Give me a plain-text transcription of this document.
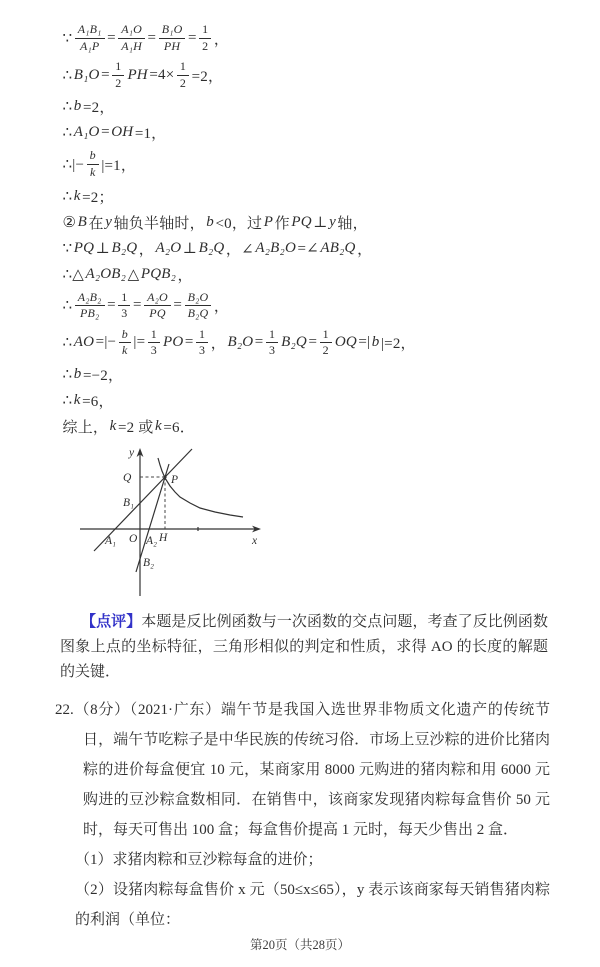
∵ $\frac{\text{A₁B₁}}{\text{A₁P}} = \frac{\text{A₁O}}{\text{A₁H}} = \frac{\text{B₁O}}{PH} = \frac{1}{2}$ ，
∴ $B_1O = \frac{1}{2}$ PH $=4\times \frac{1}{2} =2$，
∴ b =2，
∴ A₁O = OH =1，
∴|− $\frac{b}{k} |=1$，
∴ k =2；
② B 在 y 轴负半轴时， b <0，过 P 作 PQ ⊥ y 轴，
∵ PQ ⊥ B₂Q ， A₂O ⊥ B₂Q ，∠ A₂B₂O =∠ AB₂Q ，
∴△ A₂OB₂ △ PQB₂ ，
∴ $\frac{\text{A₂B₂}}{\text{PB₂}} = \frac{1}{3} = \frac{\text{A₂O}}{PQ} = \frac{\text{B₂O}}{\text{B₂Q}}$ ，
∴ AO =|− $\frac{b}{k}$ |= $\frac{1}{3}$ PO = $\frac{1}{3}$ ， $B_2O = \frac{1}{3} B_2Q = \frac{1}{2}$ OQ =| b |=2，
∴ b =−2，
∴ k =6，
综上， k =2 或 k =6．
y
x
Q	P
B₁
A₁ O A₂ H
B₂

【点评】本题是反比例函数与一次函数的交点问题，考查了反比例函数图象上点的坐标特征，三角形相似的判定和性质，求得 AO 的长度的解题的关键．

22.（8分）（2021·广东）端午节是我国入选世界非物质文化遗产的传统节日，端午节吃粽子是中华民族的传统习俗．市场上豆沙粽的进价比猪肉粽的进价每盒便宜 10 元，某商家用 8000 元购进的猪肉粽和用 6000 元购进的豆沙粽盒数相同．在销售中，该商家发现猪肉粽每盒售价 50 元时，每天可售出 100 盒；每盒售价提高 1 元时，每天少售出 2 盒．

（1）求猪肉粽和豆沙粽每盒的进价；

（2）设猪肉粽每盒售价 x 元（50≤x≤65），y 表示该商家每天销售猪肉粽的利润（单位：

第20页（共28页）
